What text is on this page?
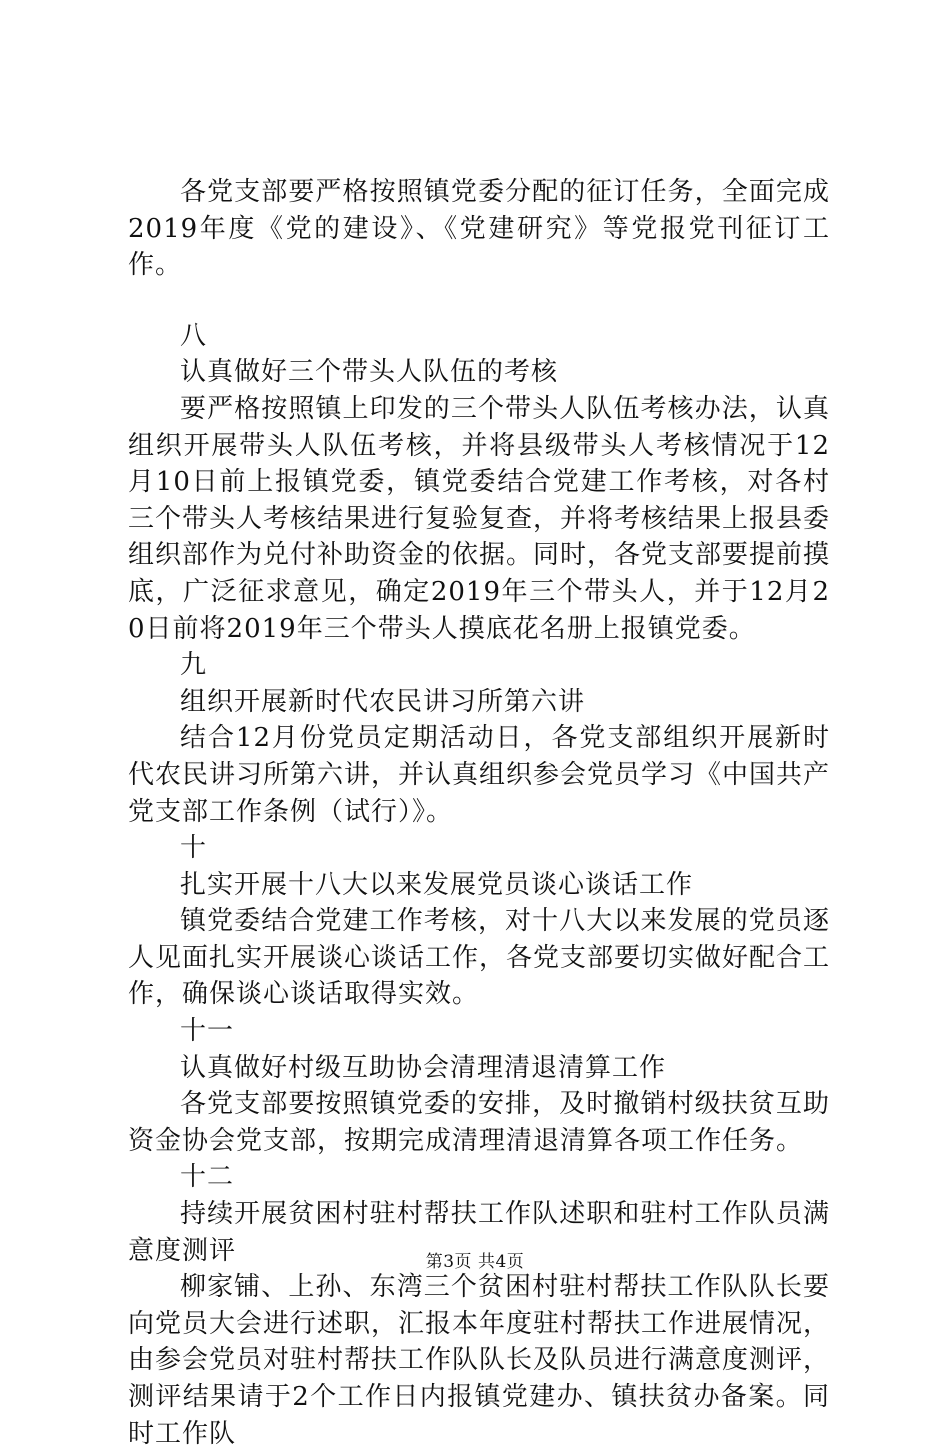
各党支部要严格按照镇党委分配的征订任务，全面完成2019年度《党的建设》、《党建研究》等党报党刊征订工作。

八

认真做好三个带头人队伍的考核

要严格按照镇上印发的三个带头人队伍考核办法，认真组织开展带头人队伍考核，并将县级带头人考核情况于12月10日前上报镇党委，镇党委结合党建工作考核，对各村三个带头人考核结果进行复验复查，并将考核结果上报县委组织部作为兑付补助资金的依据。同时，各党支部要提前摸底，广泛征求意见，确定2019年三个带头人，并于12月20日前将2019年三个带头人摸底花名册上报镇党委。

九

组织开展新时代农民讲习所第六讲

结合12月份党员定期活动日，各党支部组织开展新时代农民讲习所第六讲，并认真组织参会党员学习《中国共产党支部工作条例（试行）》。

十

扎实开展十八大以来发展党员谈心谈话工作

镇党委结合党建工作考核，对十八大以来发展的党员逐人见面扎实开展谈心谈话工作，各党支部要切实做好配合工作，确保谈心谈话取得实效。

十一

认真做好村级互助协会清理清退清算工作

各党支部要按照镇党委的安排，及时撤销村级扶贫互助资金协会党支部，按期完成清理清退清算各项工作任务。

十二

持续开展贫困村驻村帮扶工作队述职和驻村工作队员满意度测评

柳家铺、上孙、东湾三个贫困村驻村帮扶工作队队长要向党员大会进行述职，汇报本年度驻村帮扶工作进展情况，由参会党员对驻村帮扶工作队队长及队员进行满意度测评，测评结果请于2个工作日内报镇党建办、镇扶贫办备案。同时工作队

第3页 共4页
